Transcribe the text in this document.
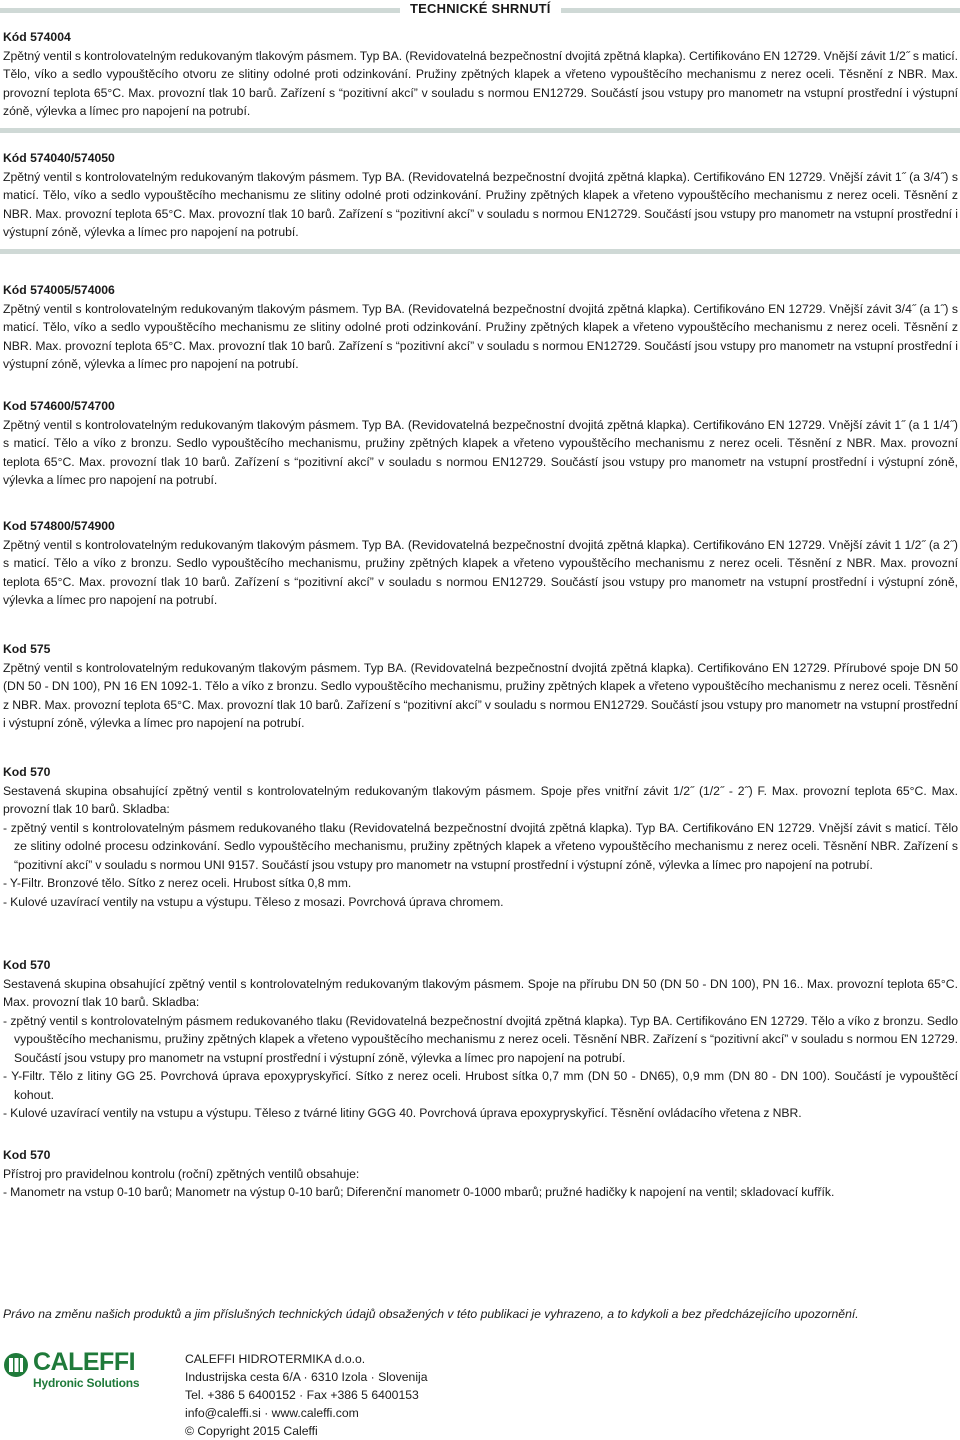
TECHNICKÉ SHRNUTÍ

Kód 574004

Zpětný ventil s kontrolovatelným redukovaným tlakovým pásmem. Typ BA. (Revidovatelná bezpečnostní dvojitá zpětná klapka). Certifikováno EN 12729. Vnější závit 1/2˝ s maticí. Tělo, víko a sedlo vypouštěcího otvoru ze slitiny odolné proti odzinkování. Pružiny zpětných klapek a vřeteno vypouštěcího mechanismu z nerez oceli. Těsnění z NBR. Max. provozní teplota 65°C. Max. provozní tlak 10 barů. Zařízení s “pozitivní akcí” v souladu s normou EN12729. Součástí jsou vstupy pro manometr na vstupní prostřední i výstupní zóně, výlevka a límec pro napojení na potrubí.

Kód 574040/574050

Zpětný ventil s kontrolovatelným redukovaným tlakovým pásmem. Typ BA. (Revidovatelná bezpečnostní dvojitá zpětná klapka). Certifikováno EN 12729. Vnější závit 1˝ (a 3/4˝) s maticí. Tělo, víko a sedlo vypouštěcího mechanismu ze slitiny odolné proti odzinkování. Pružiny zpětných klapek a vřeteno vypouštěcího mechanismu z nerez oceli. Těsnění z NBR. Max. provozní teplota 65°C. Max. provozní tlak 10 barů. Zařízení s “pozitivní akcí” v souladu s normou EN12729. Součástí jsou vstupy pro manometr na vstupní prostřední i výstupní zóně, výlevka a límec pro napojení na potrubí.

Kód 574005/574006

Zpětný ventil s kontrolovatelným redukovaným tlakovým pásmem. Typ BA. (Revidovatelná bezpečnostní dvojitá zpětná klapka). Certifikováno EN 12729. Vnější závit 3/4˝ (a 1˝) s maticí. Tělo, víko a sedlo vypouštěcího mechanismu ze slitiny odolné proti odzinkování. Pružiny zpětných klapek a vřeteno vypouštěcího mechanismu z nerez oceli. Těsnění z NBR. Max. provozní teplota 65°C. Max. provozní tlak 10 barů. Zařízení s “pozitivní akcí” v souladu s normou EN12729. Součástí jsou vstupy pro manometr na vstupní prostřední i výstupní zóně, výlevka a límec pro napojení na potrubí.

Kod 574600/574700

Zpětný ventil s kontrolovatelným redukovaným tlakovým pásmem. Typ BA. (Revidovatelná bezpečnostní dvojitá zpětná klapka). Certifikováno EN 12729. Vnější závit 1˝ (a 1 1/4˝) s maticí. Tělo a víko z bronzu. Sedlo vypouštěcího mechanismu, pružiny zpětných klapek a vřeteno vypouštěcího mechanismu z nerez oceli. Těsnění z NBR. Max. provozní teplota 65°C. Max. provozní tlak 10 barů. Zařízení s “pozitivní akcí” v souladu s normou EN12729. Součástí jsou vstupy pro manometr na vstupní prostřední i výstupní zóně, výlevka a límec pro napojení na potrubí.

Kod 574800/574900

Zpětný ventil s kontrolovatelným redukovaným tlakovým pásmem. Typ BA. (Revidovatelná bezpečnostní dvojitá zpětná klapka). Certifikováno EN 12729. Vnější závit 1 1/2˝ (a 2˝) s maticí. Tělo a víko z bronzu. Sedlo vypouštěcího mechanismu, pružiny zpětných klapek a vřeteno vypouštěcího mechanismu z nerez oceli. Těsnění z NBR. Max. provozní teplota 65°C. Max. provozní tlak 10 barů. Zařízení s “pozitivní akcí” v souladu s normou EN12729. Součástí jsou vstupy pro manometr na vstupní prostřední i výstupní zóně, výlevka a límec pro napojení na potrubí.

Kod 575

Zpětný ventil s kontrolovatelným redukovaným tlakovým pásmem. Typ BA. (Revidovatelná bezpečnostní dvojitá zpětná klapka). Certifikováno EN 12729. Přírubové spoje DN 50 (DN 50 - DN 100), PN 16 EN 1092-1. Tělo a víko z bronzu. Sedlo vypouštěcího mechanismu, pružiny zpětných klapek a vřeteno vypouštěcího mechanismu z nerez oceli. Těsnění z NBR. Max. provozní teplota 65°C. Max. provozní tlak 10 barů. Zařízení s “pozitivní akcí” v souladu s normou EN12729. Součástí jsou vstupy pro manometr na vstupní prostřední i výstupní zóně, výlevka a límec pro napojení na potrubí.

Kod 570

Sestavená skupina obsahující zpětný ventil s kontrolovatelným redukovaným tlakovým pásmem. Spoje přes vnitřní závit 1/2˝ (1/2˝ - 2˝) F. Max. provozní teplota 65°C. Max. provozní tlak 10 barů. Skladba:

- zpětný ventil s kontrolovatelným pásmem redukovaného tlaku (Revidovatelná bezpečnostní dvojitá zpětná klapka). Typ BA. Certifikováno EN 12729. Vnější závit s maticí. Tělo ze slitiny odolné procesu odzinkování. Sedlo vypouštěcího mechanismu, pružiny zpětných klapek a vřeteno vypouštěcího mechanismu z nerez oceli. Těsnění NBR. Zařízení s “pozitivní akcí” v souladu s normou UNI 9157. Součástí jsou vstupy pro manometr na vstupní prostřední i výstupní zóně, výlevka a límec pro napojení na potrubí.
- Y-Filtr. Bronzové tělo. Sítko z nerez oceli. Hrubost sítka 0,8 mm.
- Kulové uzavírací ventily na vstupu a výstupu. Těleso z mosazi. Povrchová úprava chromem.

Kod 570

Sestavená skupina obsahující zpětný ventil s kontrolovatelným redukovaným tlakovým pásmem. Spoje na přírubu DN 50 (DN 50 - DN 100), PN 16.. Max. provozní teplota 65°C. Max. provozní tlak 10 barů. Skladba:

- zpětný ventil s kontrolovatelným pásmem redukovaného tlaku (Revidovatelná bezpečnostní dvojitá zpětná klapka). Typ BA. Certifikováno EN 12729. Tělo a víko z bronzu. Sedlo vypouštěcího mechanismu, pružiny zpětných klapek a vřeteno vypouštěcího mechanismu z nerez oceli. Těsnění NBR. Zařízení s “pozitivní akcí” v souladu s normou EN 12729. Součástí jsou vstupy pro manometr na vstupní prostřední i výstupní zóně, výlevka a límec pro napojení na potrubí.
- Y-Filtr. Tělo z litiny GG 25. Povrchová úprava epoxypryskyřicí. Sítko z nerez oceli. Hrubost sítka 0,7 mm (DN 50 - DN65), 0,9 mm (DN 80 - DN 100). Součástí je vypouštěcí kohout.
- Kulové uzavírací ventily na vstupu a výstupu. Těleso z tvárné litiny GGG 40. Povrchová úprava epoxypryskyřicí. Těsnění ovládacího vřetena z NBR.

Kod 570

Přístroj pro pravidelnou kontrolu (roční) zpětných ventilů obsahuje:

- Manometr na vstup 0-10 barů; Manometr na výstup 0-10 barů; Diferenční manometr 0-1000 mbarů; pružné hadičky k napojení na ventil; skladovací kufřík.
Právo na změnu našich produktů a jim příslušných technických údajů obsažených v této publikaci je vyhrazeno, a to kdykoli a bez předcházejícího upozornění.
CALEFFI
Hydronic Solutions
CALEFFI HIDROTERMIKA d.o.o.
Industrijska cesta 6/A · 6310 Izola · Slovenija
Tel. +386 5 6400152 · Fax +386 5 6400153
info@caleffi.si · www.caleffi.com
© Copyright 2015 Caleffi
